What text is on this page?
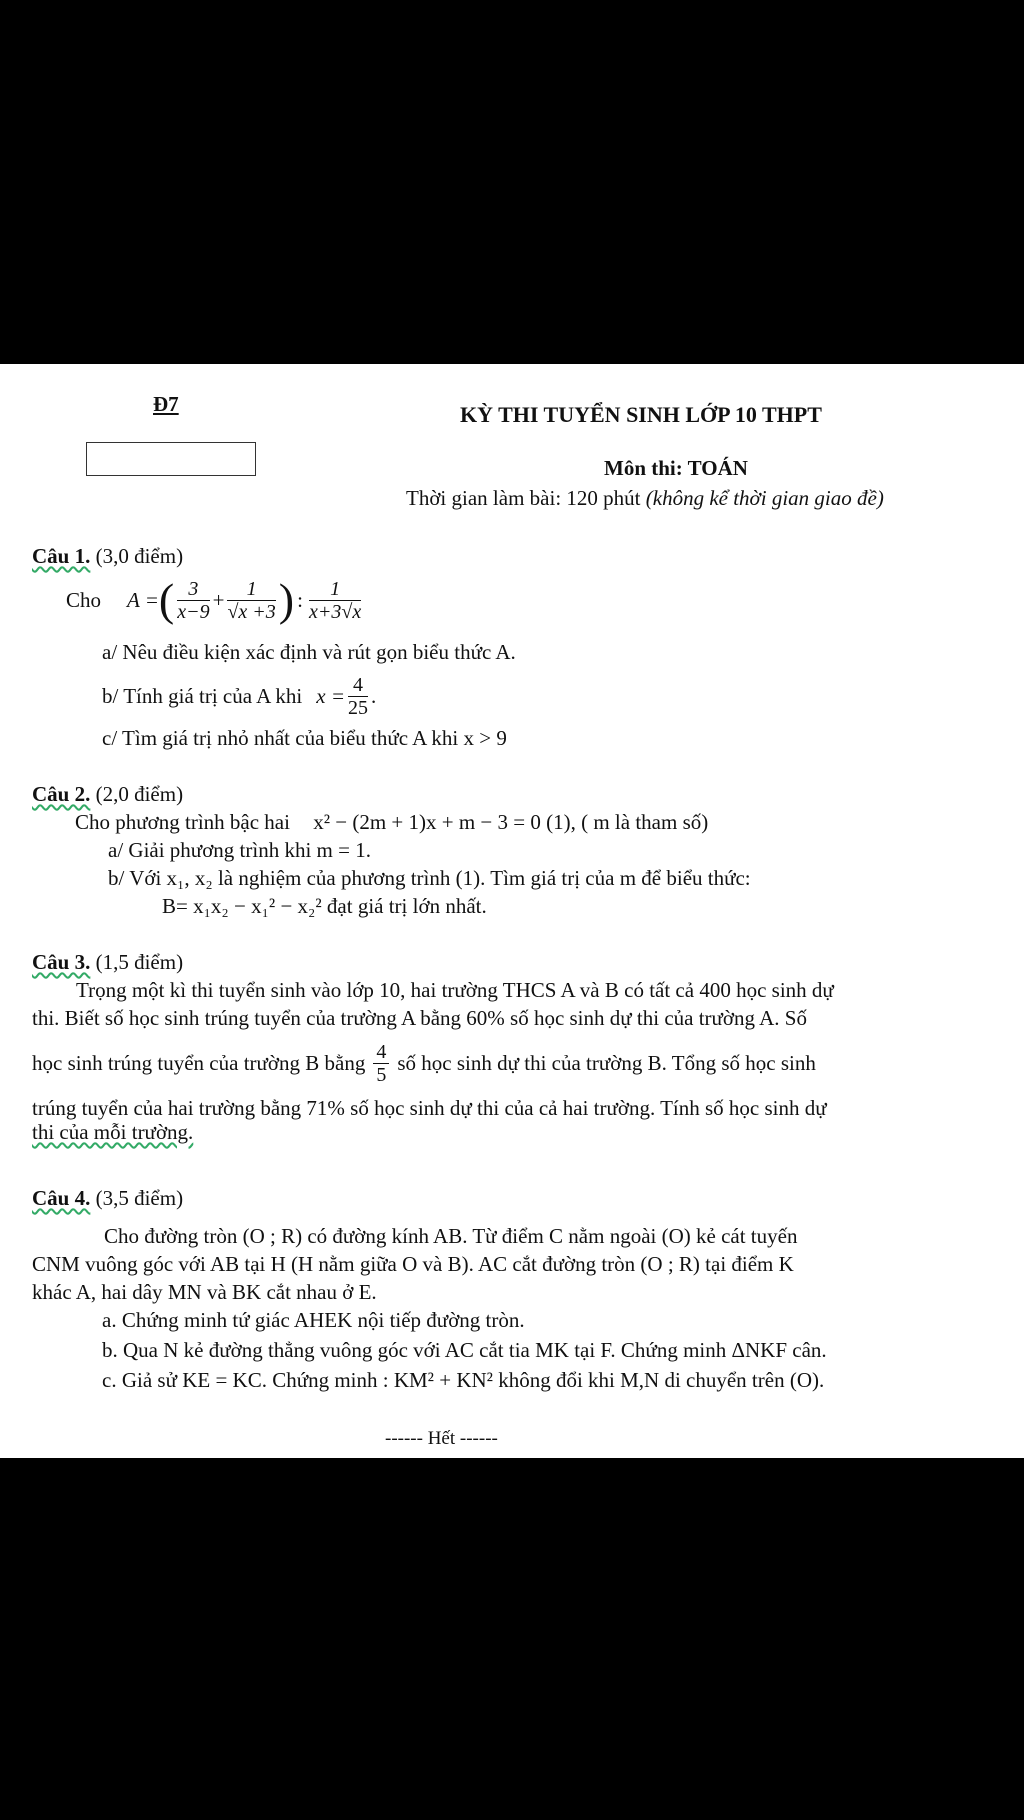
Đ7	KỲ THI TUYỂN SINH LỚP 10 THPT
Môn thi: TOÁN
Thời gian làm bài: 120 phút (không kể thời gian giao đề)
Câu 1. (3,0 điểm)
Cho A = ( $\frac{3}{x-9} + \frac{1}{√x +3}$ ) : $\frac{1}{x+3√x}$
a/ Nêu điều kiện xác định và rút gọn biểu thức A.
b/ Tính giá trị của A khi $x = \frac{4}{25}$ .
c/ Tìm giá trị nhỏ nhất của biểu thức A khi x > 9
Câu 2. (2,0 điểm)
Cho phương trình bậc hai x² − (2m + 1)x + m − 3 = 0 (1), ( m là tham số)
a/ Giải phương trình khi m = 1.
b/ Với x₁, x₂ là nghiệm của phương trình (1). Tìm giá trị của m để biểu thức:
B= x₁x₂ − x₁² − x₂² đạt giá trị lớn nhất.
Câu 3. (1,5 điểm)
Trọng một kì thi tuyển sinh vào lớp 10, hai trường THCS A và B có tất cả 400 học sinh dự
thi. Biết số học sinh trúng tuyển của trường A bằng 60% số học sinh dự thi của trường A. Số
học sinh trúng tuyển của trường B bằng $\frac{4}{5}$ số học sinh dự thi của trường B. Tổng số học sinh
trúng tuyển của hai trường bằng 71% số học sinh dự thi của cả hai trường. Tính số học sinh dự
thi của mỗi trường.
Câu 4. (3,5 điểm)
Cho đường tròn (O ; R) có đường kính AB. Từ điểm C nằm ngoài (O) kẻ cát tuyến
CNM vuông góc với AB tại H (H nằm giữa O và B). AC cắt đường tròn (O ; R) tại điểm K
khác A, hai dây MN và BK cắt nhau ở E.
a. Chứng minh tứ giác AHEK nội tiếp đường tròn.
b. Qua N kẻ đường thẳng vuông góc với AC cắt tia MK tại F. Chứng minh ΔNKF cân.
c. Giả sử KE = KC. Chứng minh : KM² + KN² không đổi khi M,N di chuyển trên (O).
------ Hết ------
